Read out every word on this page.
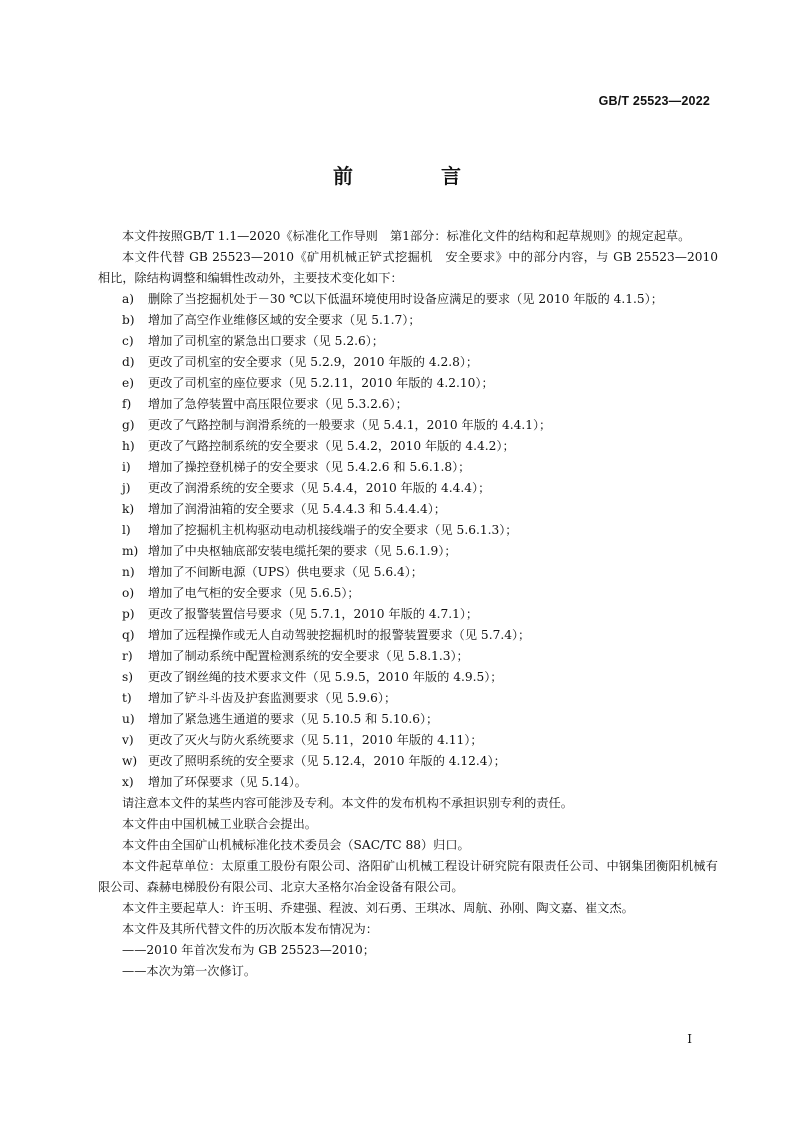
GB/T 25523—2022
前　言

本文件按照GB/T 1.1—2020《标准化工作导则　第1部分：标准化文件的结构和起草规则》的规定起草。

本文件代替 GB 25523—2010《矿用机械正铲式挖掘机　安全要求》中的部分内容，与 GB 25523—2010 相比，除结构调整和编辑性改动外，主要技术变化如下：

a) 删除了当挖掘机处于－30 ℃以下低温环境使用时设备应满足的要求（见 2010 年版的 4.1.5）；
b) 增加了高空作业维修区域的安全要求（见 5.1.7）；
c) 增加了司机室的紧急出口要求（见 5.2.6）；
d) 更改了司机室的安全要求（见 5.2.9，2010 年版的 4.2.8）；
e) 更改了司机室的座位要求（见 5.2.11，2010 年版的 4.2.10）；
f) 增加了急停装置中高压限位要求（见 5.3.2.6）；
g) 更改了气路控制与润滑系统的一般要求（见 5.4.1，2010 年版的 4.4.1）；
h) 更改了气路控制系统的安全要求（见 5.4.2，2010 年版的 4.4.2）；
i) 增加了操控登机梯子的安全要求（见 5.4.2.6 和 5.6.1.8）；
j) 更改了润滑系统的安全要求（见 5.4.4，2010 年版的 4.4.4）；
k) 增加了润滑油箱的安全要求（见 5.4.4.3 和 5.4.4.4）；
l) 增加了挖掘机主机构驱动电动机接线端子的安全要求（见 5.6.1.3）；
m) 增加了中央枢轴底部安装电缆托架的要求（见 5.6.1.9）；
n) 增加了不间断电源（UPS）供电要求（见 5.6.4）；
o) 增加了电气柜的安全要求（见 5.6.5）；
p) 更改了报警装置信号要求（见 5.7.1，2010 年版的 4.7.1）；
q) 增加了远程操作或无人自动驾驶挖掘机时的报警装置要求（见 5.7.4）；
r) 增加了制动系统中配置检测系统的安全要求（见 5.8.1.3）；
s) 更改了钢丝绳的技术要求文件（见 5.9.5，2010 年版的 4.9.5）；
t) 增加了铲斗斗齿及护套监测要求（见 5.9.6）；
u) 增加了紧急逃生通道的要求（见 5.10.5 和 5.10.6）；
v) 更改了灭火与防火系统要求（见 5.11，2010 年版的 4.11）；
w) 更改了照明系统的安全要求（见 5.12.4，2010 年版的 4.12.4）；
x) 增加了环保要求（见 5.14）。

请注意本文件的某些内容可能涉及专利。本文件的发布机构不承担识别专利的责任。

本文件由中国机械工业联合会提出。

本文件由全国矿山机械标准化技术委员会（SAC/TC 88）归口。

本文件起草单位：太原重工股份有限公司、洛阳矿山机械工程设计研究院有限责任公司、中钢集团衡阳机械有限公司、森赫电梯股份有限公司、北京大圣格尔冶金设备有限公司。

本文件主要起草人：许玉明、乔建强、程波、刘石勇、王琪冰、周航、孙刚、陶文嘉、崔文杰。

本文件及其所代替文件的历次版本发布情况为：

——2010 年首次发布为 GB 25523—2010；

——本次为第一次修订。

I
